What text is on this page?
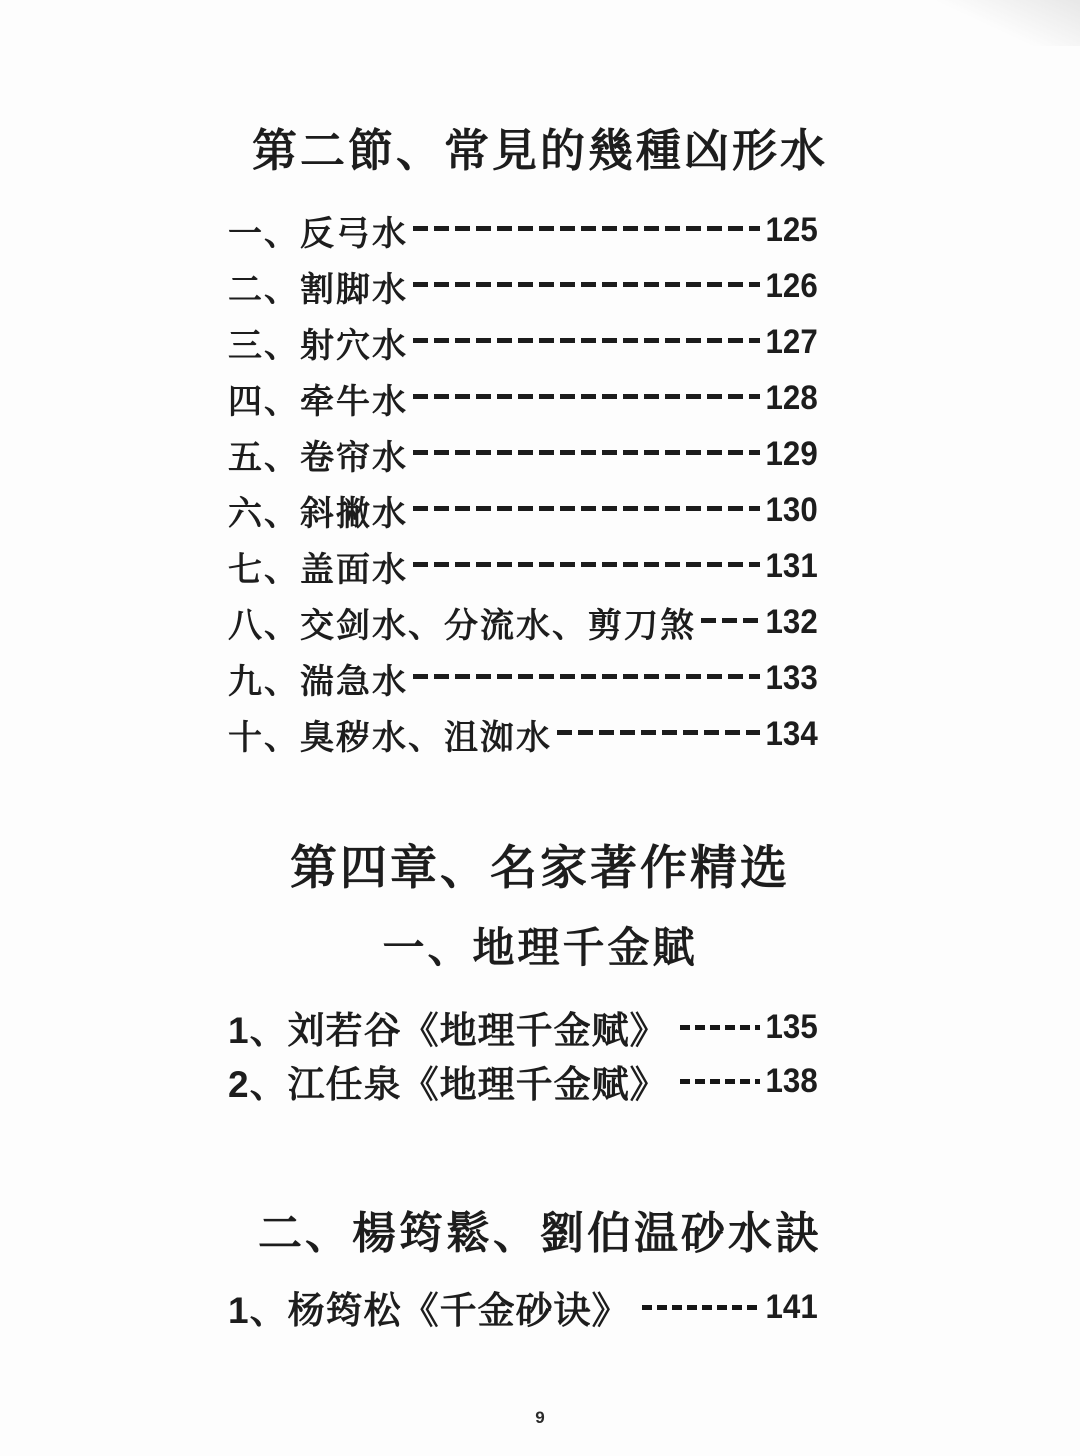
第二節、常見的幾種凶形水
一、反弓水	125
二、割脚水	126
三、射穴水	127
四、牵牛水	128
五、卷帘水	129
六、斜撇水	130
七、盖面水	131
八、交剑水、分流水、剪刀煞 132
九、湍急水	133
十、臭秽水、沮洳水	134
第四章、名家著作精选
一、地理千金賦
1、刘若谷《地理千金赋》	135
2、江任泉《地理千金赋》	138
二、楊筠鬆、劉伯温砂水訣
1、杨筠松《千金砂诀》	141
9
